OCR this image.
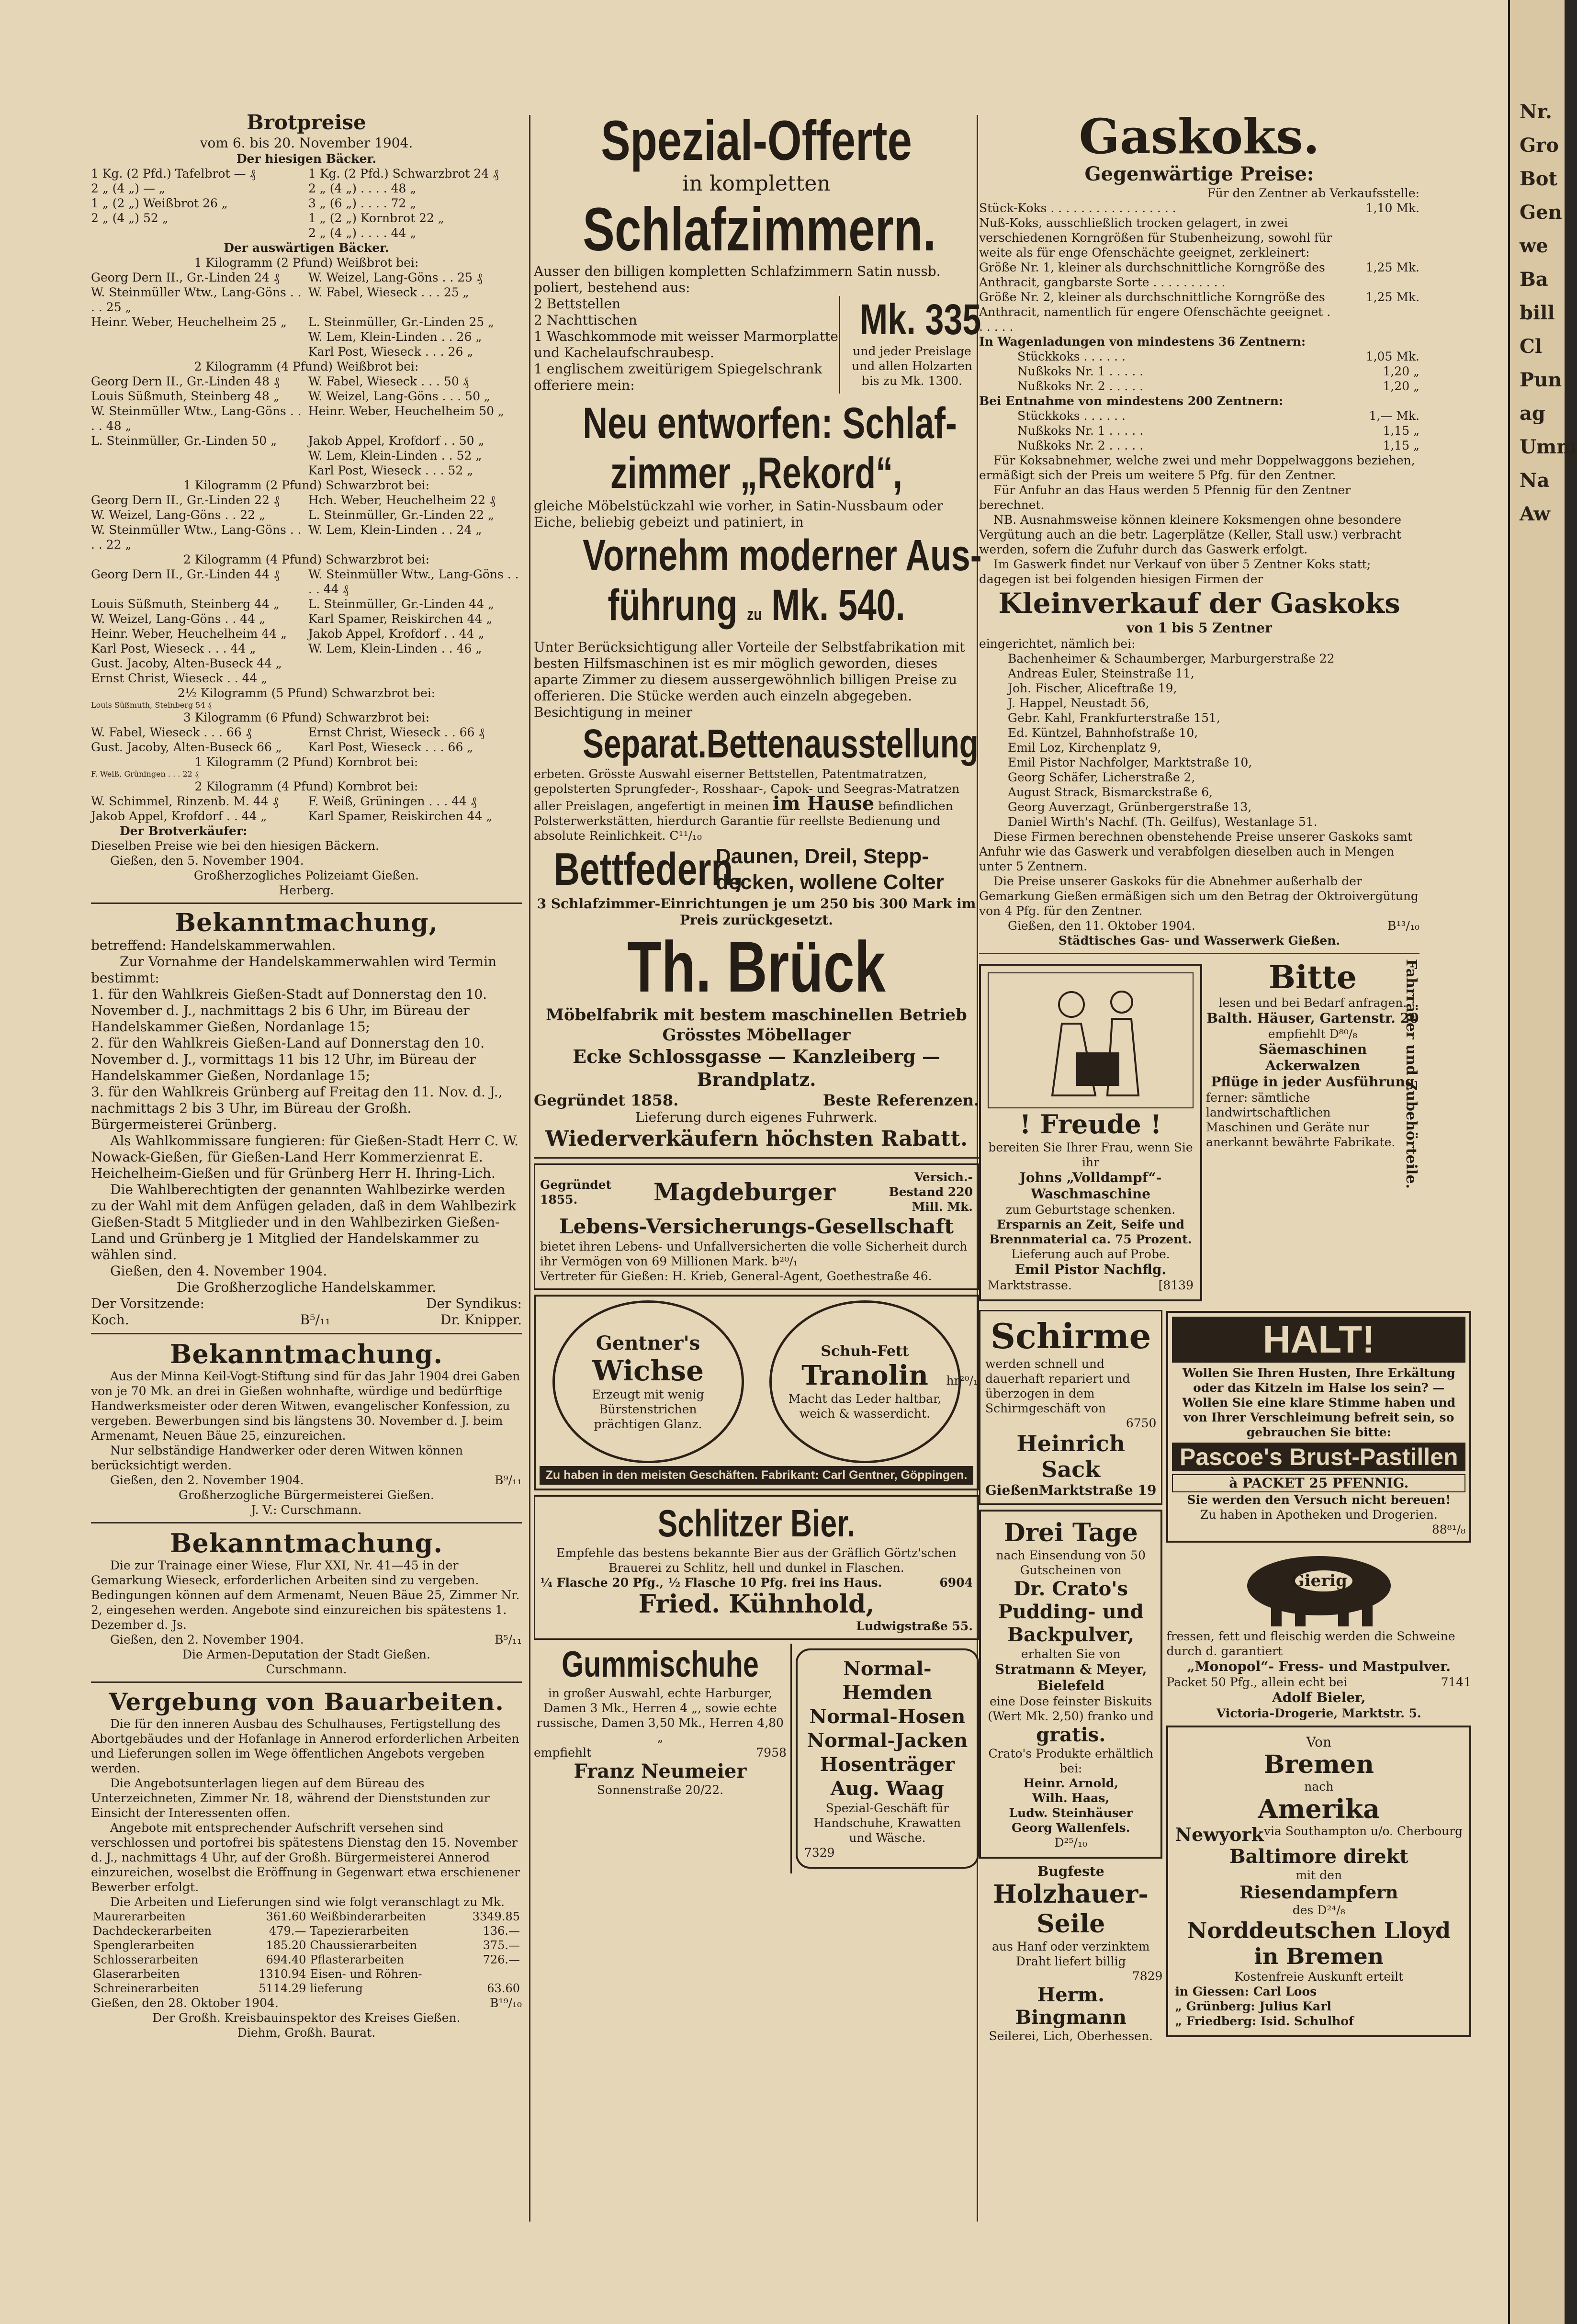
Brotpreise
vom 6. bis 20. November 1904.
Der hiesigen Bäcker.
1 Kg. (2 Pfd.) Tafelbrot — ₰	1 Kg. (2 Pfd.) Schwarzbrot 24 ₰
2 „ (4 „) — „	2 „ (4 „) . . . . 48 „
1 „ (2 „) Weißbrot 26 „	3 „ (6 „) . . . . 72 „
2 „ (4 „) 52 „	1 „ (2 „) Kornbrot 22 „
2 „ (4 „) . . . . 44 „
Der auswärtigen Bäcker.
1 Kilogramm (2 Pfund) Weißbrot bei:
Georg Dern II., Gr.-Linden 24 ₰	W. Weizel, Lang-Göns . . 25 ₰
W. Steinmüller Wtw., Lang-Göns . . . . 25 „
W. Fabel, Wieseck . . . 25 „
Heinr. Weber, Heuchelheim 25 „	L. Steinmüller, Gr.-Linden 25 „
W. Lem, Klein-Linden . . 26 „
Karl Post, Wieseck . . . 26 „
2 Kilogramm (4 Pfund) Weißbrot bei:
Georg Dern II., Gr.-Linden 48 ₰	W. Fabel, Wieseck . . . 50 ₰
Louis Süßmuth, Steinberg 48 „	W. Weizel, Lang-Göns . . . 50 „
W. Steinmüller Wtw., Lang-Göns . . . . 48 „
Heinr. Weber, Heuchelheim 50 „
L. Steinmüller, Gr.-Linden 50 „	Jakob Appel, Krofdorf . . 50 „
W. Lem, Klein-Linden . . 52 „
Karl Post, Wieseck . . . 52 „
1 Kilogramm (2 Pfund) Schwarzbrot bei:
Georg Dern II., Gr.-Linden 22 ₰	Hch. Weber, Heuchelheim 22 ₰
W. Weizel, Lang-Göns . . 22 „	L. Steinmüller, Gr.-Linden 22 „
W. Steinmüller Wtw., Lang-Göns . . . . 22 „
W. Lem, Klein-Linden . . 24 „
2 Kilogramm (4 Pfund) Schwarzbrot bei:
Georg Dern II., Gr.-Linden 44 ₰	W. Steinmüller Wtw., Lang-Göns . . . . 44 ₰
Louis Süßmuth, Steinberg 44 „	L. Steinmüller, Gr.-Linden 44 „
W. Weizel, Lang-Göns . . 44 „	Karl Spamer, Reiskirchen 44 „
Heinr. Weber, Heuchelheim 44 „	Jakob Appel, Krofdorf . . 44 „
Karl Post, Wieseck . . . 44 „	W. Lem, Klein-Linden . . 46 „
Gust. Jacoby, Alten-Buseck 44 „
Ernst Christ, Wieseck . . 44 „
2½ Kilogramm (5 Pfund) Schwarzbrot bei:
Louis Süßmuth, Steinberg 54 ₰
3 Kilogramm (6 Pfund) Schwarzbrot bei:
W. Fabel, Wieseck . . . 66 ₰	Ernst Christ, Wieseck . . 66 ₰
Gust. Jacoby, Alten-Buseck 66 „	Karl Post, Wieseck . . . 66 „
1 Kilogramm (2 Pfund) Kornbrot bei:
F. Weiß, Grüningen . . . 22 ₰
2 Kilogramm (4 Pfund) Kornbrot bei:
W. Schimmel, Rinzenb. M. 44 ₰	F. Weiß, Grüningen . . . 44 ₰
Jakob Appel, Krofdorf . . 44 „	Karl Spamer, Reiskirchen 44 „
Der Brotverkäufer:
Dieselben Preise wie bei den hiesigen Bäckern.
Gießen, den 5. November 1904.
Großherzogliches Polizeiamt Gießen.
Herberg.
Bekanntmachung,
betreffend: Handelskammerwahlen.
Zur Vornahme der Handelskammerwahlen wird Termin bestimmt:
1. für den Wahlkreis Gießen-Stadt auf Donnerstag den 10. November d. J., nachmittags 2 bis 6 Uhr, im Büreau der Handelskammer Gießen, Nordanlage 15;
2. für den Wahlkreis Gießen-Land auf Donnerstag den 10. November d. J., vormittags 11 bis 12 Uhr, im Büreau der Handelskammer Gießen, Nordanlage 15;
3. für den Wahlkreis Grünberg auf Freitag den 11. Nov. d. J., nachmittags 2 bis 3 Uhr, im Büreau der Großh. Bürgermeisterei Grünberg.
Als Wahlkommissare fungieren: für Gießen-Stadt Herr C. W. Nowack-Gießen, für Gießen-Land Herr Kommerzienrat E. Heichelheim-Gießen und für Grünberg Herr H. Ihring-Lich.
Die Wahlberechtigten der genannten Wahlbezirke werden zu der Wahl mit dem Anfügen geladen, daß in dem Wahlbezirk Gießen-Stadt 5 Mitglieder und in den Wahlbezirken Gießen-Land und Grünberg je 1 Mitglied der Handelskammer zu wählen sind.
Gießen, den 4. November 1904.
Die Großherzogliche Handelskammer.
Der Vorsitzende:
Koch.	B⁵/₁₁
Der Syndikus:
Dr. Knipper.
Bekanntmachung.
Aus der Minna Keil-Vogt-Stiftung sind für das Jahr 1904 drei Gaben von je 70 Mk. an drei in Gießen wohnhafte, würdige und bedürftige Handwerksmeister oder deren Witwen, evangelischer Konfession, zu vergeben. Bewerbungen sind bis längstens 30. November d. J. beim Armenamt, Neuen Bäue 25, einzureichen.
Nur selbständige Handwerker oder deren Witwen können berücksichtigt werden.
Gießen, den 2. November 1904.	B⁹/₁₁
Großherzogliche Bürgermeisterei Gießen.
J. V.: Curschmann.
Bekanntmachung.
Die zur Trainage einer Wiese, Flur XXI, Nr. 41—45 in der Gemarkung Wieseck, erforderlichen Arbeiten sind zu vergeben. Bedingungen können auf dem Armenamt, Neuen Bäue 25, Zimmer Nr. 2, eingesehen werden. Angebote sind einzureichen bis spätestens 1. Dezember d. Js.
Gießen, den 2. November 1904.	B⁵/₁₁
Die Armen-Deputation der Stadt Gießen.
Curschmann.
Vergebung von Bauarbeiten.
Die für den inneren Ausbau des Schulhauses, Fertigstellung des Abortgebäudes und der Hofanlage in Annerod erforderlichen Arbeiten und Lieferungen sollen im Wege öffentlichen Angebots vergeben werden.
Die Angebotsunterlagen liegen auf dem Büreau des Unterzeichneten, Zimmer Nr. 18, während der Dienststunden zur Einsicht der Interessenten offen.
Angebote mit entsprechender Aufschrift versehen sind verschlossen und portofrei bis spätestens Dienstag den 15. November d. J., nachmittags 4 Uhr, auf der Großh. Bürgermeisterei Annerod einzureichen, woselbst die Eröffnung in Gegenwart etwa erschienener Bewerber erfolgt.
Die Arbeiten und Lieferungen sind wie folgt veranschlagt zu Mk.
Maurerarbeiten	361.60	Weißbinderarbeiten	3349.85
Dachdeckerarbeiten	479.—	Tapezierarbeiten	136.—
Spenglerarbeiten	185.20	Chaussierarbeiten	375.—
Schlosserarbeiten	694.40	Pflasterarbeiten	726.—
Glaserarbeiten	1310.94	Eisen- und Röhren-	
Schreinerarbeiten	5114.29	lieferung	63.60
Gießen, den 28. Oktober 1904.	B¹⁹/₁₀
Der Großh. Kreisbauinspektor des Kreises Gießen.
Diehm, Großh. Baurat.
Spezial-Offerte
in kompletten
Schlafzimmern.
Ausser den billigen kompletten Schlafzimmern Satin nussb. poliert, bestehend aus:
2 Bettstellen
2 Nachttischen
1 Waschkommode mit weisser Marmorplatte und Kachelaufschraubesp.
1 englischem zweitürigem Spiegelschrank
offeriere mein:
Mk. 335
und jeder Preislage und allen Holzarten bis zu Mk. 1300.
Neu entworfen: Schlaf-
zimmer „Rekord“,
gleiche Möbelstückzahl wie vorher, in Satin-Nussbaum oder Eiche, beliebig gebeizt und patiniert, in
Vornehm moderner Aus-
führung zu Mk. 540.
Unter Berücksichtigung aller Vorteile der Selbstfabrikation mit besten Hilfsmaschinen ist es mir möglich geworden, dieses aparte Zimmer zu diesem aussergewöhnlich billigen Preise zu offerieren. Die Stücke werden auch einzeln abgegeben. Besichtigung in meiner
Separat.Bettenausstellung
erbeten. Grösste Auswahl eiserner Bettstellen, Patentmatratzen, gepolsterten Sprungfeder-, Rosshaar-, Capok- und Seegras-Matratzen aller Preislagen, angefertigt in meinen im Hause befindlichen Polsterwerkstätten, hierdurch Garantie für reellste Bedienung und absolute Reinlichkeit. C¹¹/₁₀
Bettfedern,
Daunen, Dreil, Stepp-
decken, wollene Colter
3 Schlafzimmer-Einrichtungen je um 250 bis 300 Mark im Preis zurückgesetzt.
Th. Brück
Möbelfabrik mit bestem maschinellen Betrieb
Grösstes Möbellager
Ecke Schlossgasse — Kanzleiberg — Brandplatz.
Gegründet 1858.	Beste Referenzen.
Lieferung durch eigenes Fuhrwerk.
Wiederverkäufern höchsten Rabatt.
Gegründet 1855.	Magdeburger
Versich.-Bestand 220 Mill. Mk.
Lebens-Versicherungs-Gesellschaft
bietet ihren Lebens- und Unfallversicherten die volle Sicherheit durch ihr Vermögen von 69 Millionen Mark. b²⁰/₁
Vertreter für Gießen: H. Krieb, General-Agent, Goethestraße 46.
Gentner's
Wichse
Erzeugt mit wenig Bürstenstrichen prächtigen Glanz.
Schuh-Fett
Tranolin
Macht das Leder haltbar, weich & wasserdicht.
Zu haben in den meisten Geschäften. Fabrikant: Carl Gentner, Göppingen.
hr²⁰/₁
Schlitzer Bier.
Empfehle das bestens bekannte Bier aus der Gräflich Görtz'schen Brauerei zu Schlitz, hell und dunkel in Flaschen.
¼ Flasche 20 Pfg., ½ Flasche 10 Pfg. frei ins Haus.	6904
Fried. Kühnhold,
Ludwigstraße 55.
Gummischuhe
in großer Auswahl, echte Harburger, Damen 3 Mk., Herren 4 „, sowie echte russische, Damen 3,50 Mk., Herren 4,80 „
empfiehlt	7958
Franz Neumeier
Sonnenstraße 20/22.
Normal-Hemden
Normal-Hosen
Normal-Jacken
Hosenträger
Aug. Waag
Spezial-Geschäft für Handschuhe, Krawatten und Wäsche.
7329
Gaskoks.
Gegenwärtige Preise:
Für den Zentner ab Verkaufsstelle:
Stück-Koks . . . . . . . . . . . . . . . . .	1,10 Mk.
Nuß-Koks, ausschließlich trocken gelagert, in zwei verschiedenen Korngrößen für Stubenheizung, sowohl für weite als für enge Ofenschächte geeignet, zerkleinert:
Größe Nr. 1, kleiner als durchschnittliche Korngröße des Anthracit, gangbarste Sorte . . . . . . . . . .
1,25 Mk.
Größe Nr. 2, kleiner als durchschnittliche Korngröße des Anthracit, namentlich für engere Ofenschächte geeignet . . . . . .
1,25 Mk.
In Wagenladungen von mindestens 36 Zentnern:
Stückkoks . . . . . .	1,05 Mk.
Nußkoks Nr. 1 . . . . .	1,20 „
Nußkoks Nr. 2 . . . . .	1,20 „
Bei Entnahme von mindestens 200 Zentnern:
Stückkoks . . . . . .	1,— Mk.
Nußkoks Nr. 1 . . . . .	1,15 „
Nußkoks Nr. 2 . . . . .	1,15 „
Für Koksabnehmer, welche zwei und mehr Doppelwaggons beziehen, ermäßigt sich der Preis um weitere 5 Pfg. für den Zentner.
Für Anfuhr an das Haus werden 5 Pfennig für den Zentner berechnet.
NB. Ausnahmsweise können kleinere Koksmengen ohne besondere Vergütung auch an die betr. Lagerplätze (Keller, Stall usw.) verbracht werden, sofern die Zufuhr durch das Gaswerk erfolgt.
Im Gaswerk findet nur Verkauf von über 5 Zentner Koks statt; dagegen ist bei folgenden hiesigen Firmen der
Kleinverkauf der Gaskoks
von 1 bis 5 Zentner
eingerichtet, nämlich bei:
Bachenheimer & Schaumberger, Marburgerstraße 22
Andreas Euler, Steinstraße 11,
Joh. Fischer, Aliceftraße 19,
J. Happel, Neustadt 56,
Gebr. Kahl, Frankfurterstraße 151,
Ed. Küntzel, Bahnhofstraße 10,
Emil Loz, Kirchenplatz 9,
Emil Pistor Nachfolger, Marktstraße 10,
Georg Schäfer, Licherstraße 2,
August Strack, Bismarckstraße 6,
Georg Auverzagt, Grünbergerstraße 13,
Daniel Wirth's Nachf. (Th. Geilfus), Westanlage 51.
Diese Firmen berechnen obenstehende Preise unserer Gaskoks samt Anfuhr wie das Gaswerk und verabfolgen dieselben auch in Mengen unter 5 Zentnern.
Die Preise unserer Gaskoks für die Abnehmer außerhalb der Gemarkung Gießen ermäßigen sich um den Betrag der Oktroivergütung von 4 Pfg. für den Zentner.
Gießen, den 11. Oktober 1904.	B¹³/₁₀
Städtisches Gas- und Wasserwerk Gießen.
! Freude !
bereiten Sie Ihrer Frau, wenn Sie ihr
Johns „Volldampf“-Waschmaschine
zum Geburtstage schenken.
Ersparnis an Zeit, Seife und Brennmaterial ca. 75 Prozent.
Lieferung auch auf Probe.
Emil Pistor Nachflg.
Marktstrasse.	[8139
Bitte
lesen und bei Bedarf anfragen.
Balth. Häuser, Gartenstr. 20
empfiehlt D⁸⁰/₈
Säemaschinen
Ackerwalzen
Pflüge in jeder Ausführung
ferner: sämtliche landwirtschaftlichen Maschinen und Geräte nur anerkannt bewährte Fabrikate. Fahrräder und Zubehörteile.
Schirme
werden schnell und dauerhaft repariert und überzogen in dem Schirmgeschäft von
6750
Heinrich Sack
Gießen Marktstraße 19
Drei Tage
nach Einsendung von 50 Gutscheinen von
Dr. Crato's Pudding- und Backpulver,
erhalten Sie von
Stratmann & Meyer, Bielefeld
eine Dose feinster Biskuits (Wert Mk. 2,50) franko und
gratis.
Crato's Produkte erhältlich bei:
Heinr. Arnold,
Wilh. Haas,
Ludw. Steinhäuser
Georg Wallenfels.
D²⁵/₁₀
Bugfeste
Holzhauer-Seile
aus Hanf oder verzinktem Draht liefert billig
7829
Herm. Bingmann
Seilerei, Lich, Oberhessen.
HALT!
Wollen Sie Ihren Husten, Ihre Erkältung oder das Kitzeln im Halse los sein? — Wollen Sie eine klare Stimme haben und von Ihrer Verschleimung befreit sein, so gebrauchen Sie bitte:
Pascoe's Brust-Pastillen
à PACKET 25 PFENNIG.
Sie werden den Versuch nicht bereuen!
Zu haben in Apotheken und Drogerien.
88⁸¹/₈
Gierig
fressen, fett und fleischig werden die Schweine durch d. garantiert
„Monopol“- Fress- und Mastpulver.
Packet 50 Pfg., allein echt bei	7141
Adolf Bieler,
Victoria-Drogerie, Marktstr. 5.
Von
Bremen
nach
Amerika
Newyork via Southampton u/o. Cherbourg
Baltimore direkt
mit den
Riesendampfern
des D²⁴/₈
Norddeutschen Lloyd in Bremen
Kostenfreie Auskunft erteilt
in Giessen: Carl Loos
„ Grünberg: Julius Karl
„ Friedberg: Isid. Schulhof
Nr.
Gro
Bot
Gen
we
Ba
bill
Cl
Pun
ag
Umm
Na
Aw
